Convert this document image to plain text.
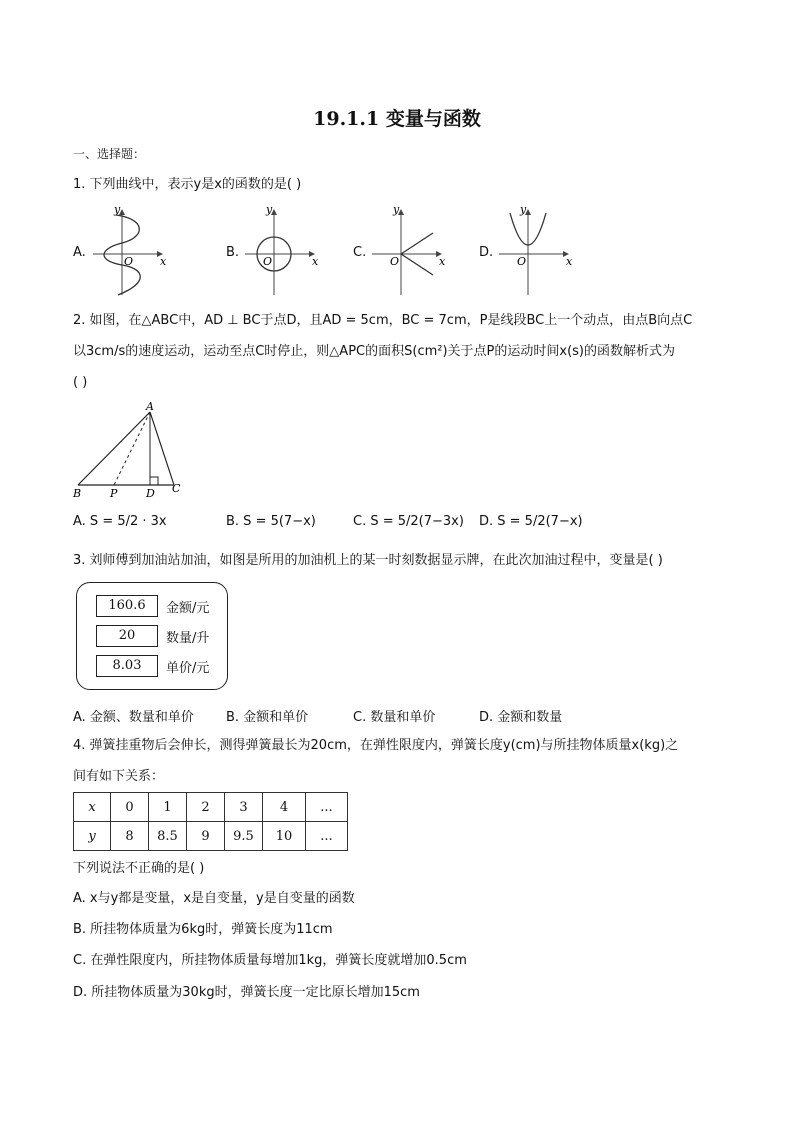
19.1.1 变量与函数
一、选择题：
1. 下列曲线中，表示y是x的函数的是( )
A.	B.	C.	D.
y
x
O
y
x
O
y
x
O
y
x
O
2. 如图，在△ABC中，AD ⊥ BC于点D，且AD = 5cm，BC = 7cm，P是线段BC上一个动点，由点B向点C
以3cm/s的速度运动，运动至点C时停止，则△APC的面积S(cm²)关于点P的运动时间x(s)的函数解析式为
( )
A
B	P	D C
A. S = 5/2 · 3x	B. S = 5(7−x)	C. S = 5/2(7−3x) D. S = 5/2(7−x)
3. 刘师傅到加油站加油，如图是所用的加油机上的某一时刻数据显示牌，在此次加油过程中，变量是( )
160.6	金额/元
20	数量/升
8.03	单价/元
A. 金额、数量和单价 B. 金额和单价	C. 数量和单价	D. 金额和数量
4. 弹簧挂重物后会伸长，测得弹簧最长为20cm，在弹性限度内，弹簧长度y(cm)与所挂物体质量x(kg)之
间有如下关系：
x	0	1	2	3	4	...
y	8	8.5	9	9.5	10	...
下列说法不正确的是( )
A. x与y都是变量，x是自变量，y是自变量的函数
B. 所挂物体质量为6kg时，弹簧长度为11cm
C. 在弹性限度内，所挂物体质量每增加1kg，弹簧长度就增加0.5cm
D. 所挂物体质量为30kg时，弹簧长度一定比原长增加15cm
